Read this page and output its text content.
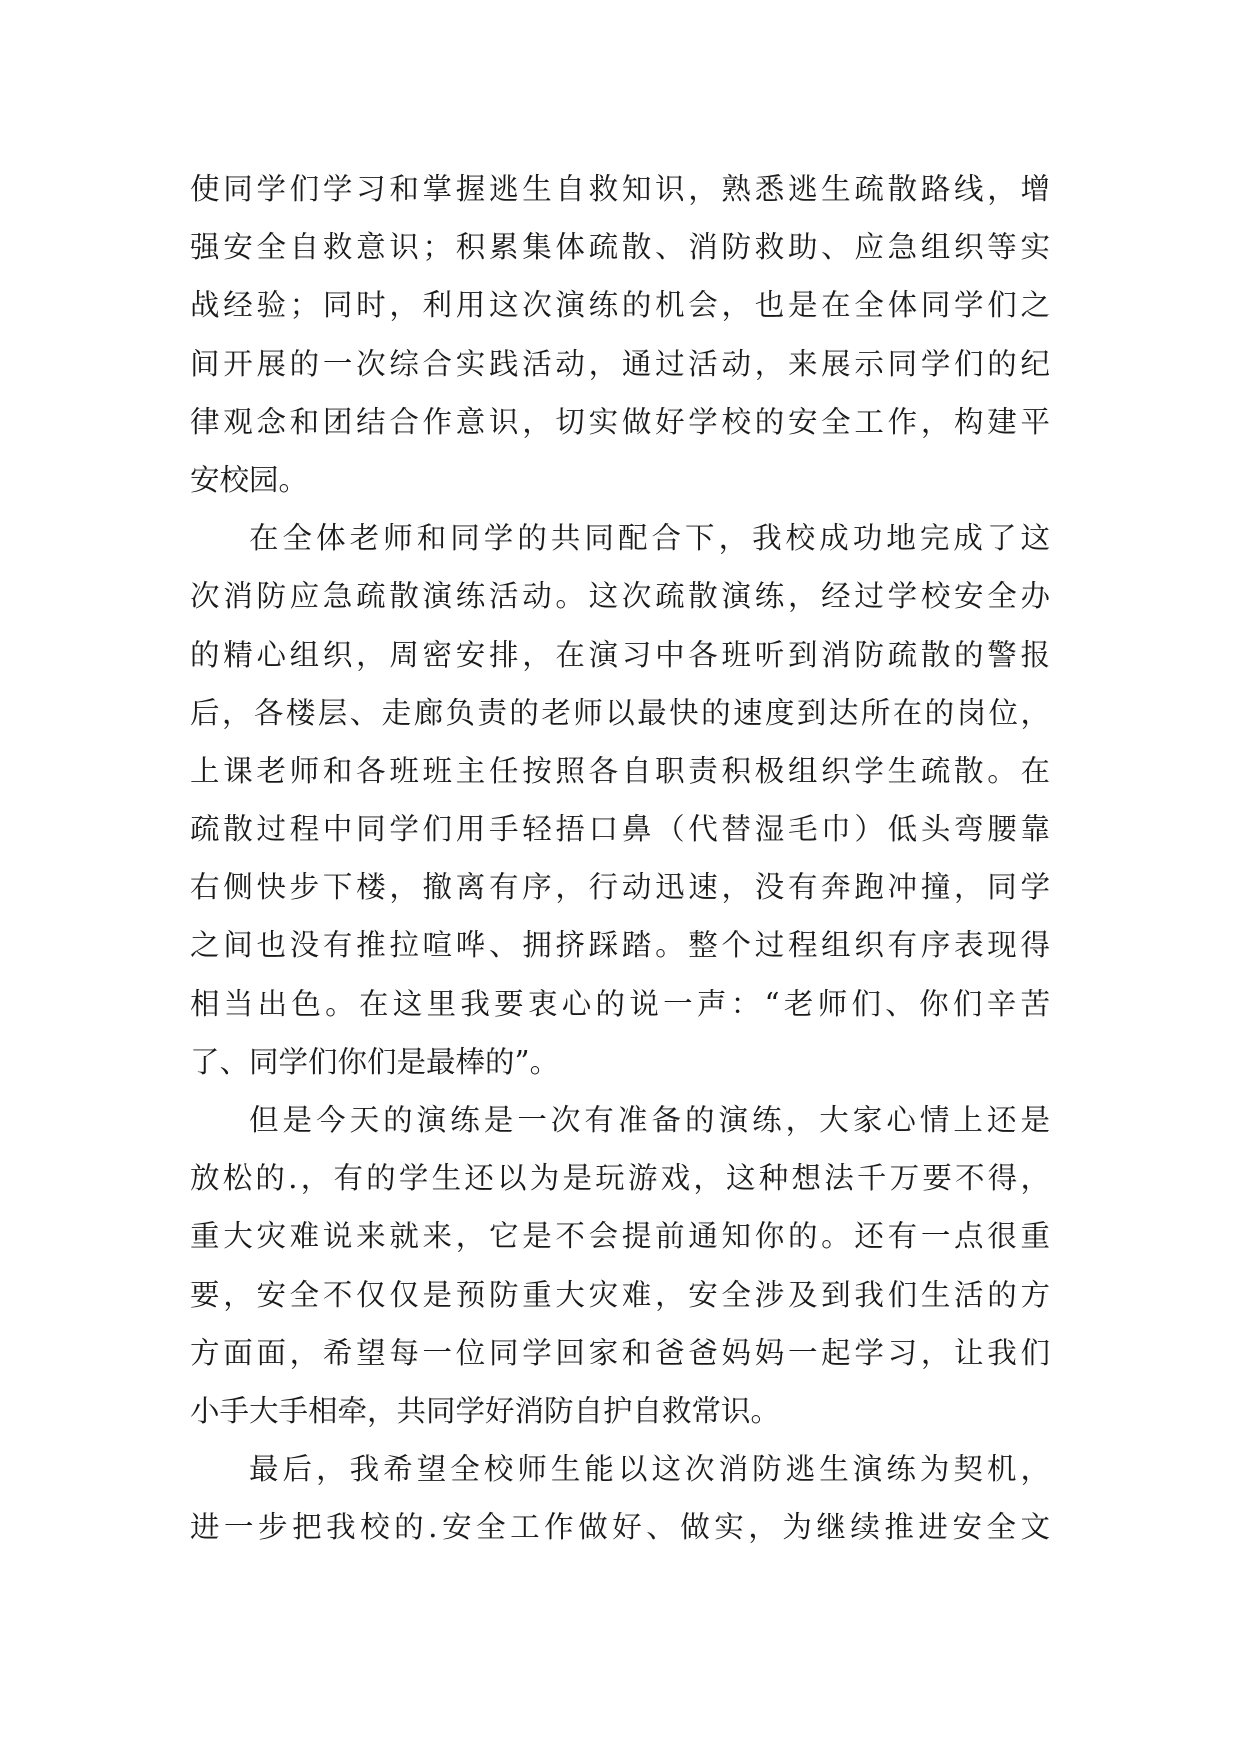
使同学们学习和掌握逃生自救知识，熟悉逃生疏散路线，增
强安全自救意识；积累集体疏散、消防救助、应急组织等实
战经验；同时，利用这次演练的机会，也是在全体同学们之
间开展的一次综合实践活动，通过活动，来展示同学们的纪
律观念和团结合作意识，切实做好学校的安全工作，构建平
安校园。
在全体老师和同学的共同配合下，我校成功地完成了这
次消防应急疏散演练活动。这次疏散演练，经过学校安全办
的精心组织，周密安排，在演习中各班听到消防疏散的警报
后，各楼层、走廊负责的老师以最快的速度到达所在的岗位，
上课老师和各班班主任按照各自职责积极组织学生疏散。在
疏散过程中同学们用手轻捂口鼻（代替湿毛巾）低头弯腰靠
右侧快步下楼，撤离有序，行动迅速，没有奔跑冲撞，同学
之间也没有推拉喧哗、拥挤踩踏。整个过程组织有序表现得
相当出色。在这里我要衷心的说一声：“老师们、你们辛苦
了、同学们你们是最棒的”。
但是今天的演练是一次有准备的演练，大家心情上还是
放松的.，有的学生还以为是玩游戏，这种想法千万要不得，
重大灾难说来就来，它是不会提前通知你的。还有一点很重
要，安全不仅仅是预防重大灾难，安全涉及到我们生活的方
方面面，希望每一位同学回家和爸爸妈妈一起学习，让我们
小手大手相牵，共同学好消防自护自救常识。
最后，我希望全校师生能以这次消防逃生演练为契机，
进一步把我校的.安全工作做好、做实，为继续推进安全文
